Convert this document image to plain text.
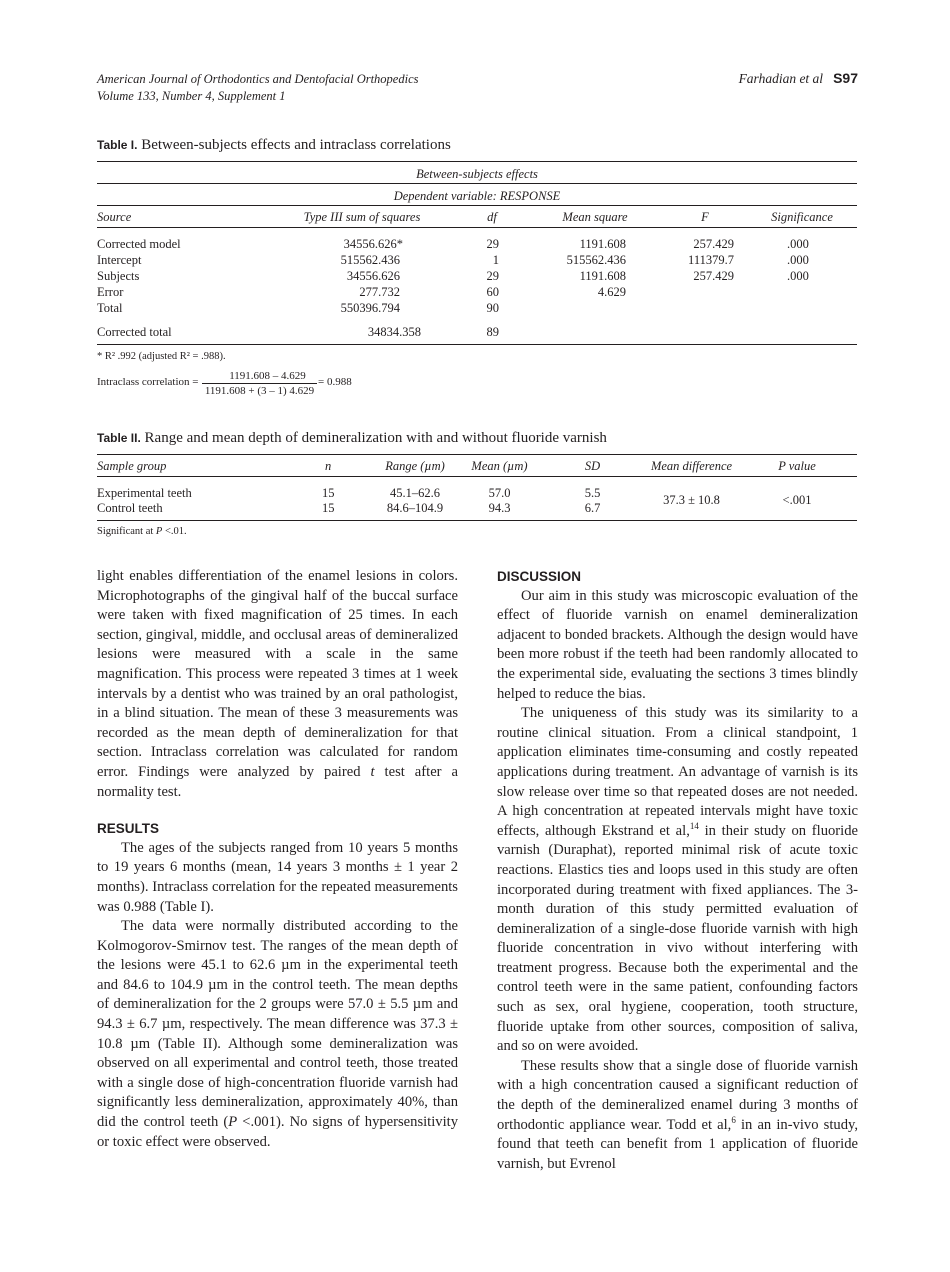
American Journal of Orthodontics and Dentofacial Orthopedics
Volume 133, Number 4, Supplement 1
Farhadian et al S97
Table I. Between-subjects effects and intraclass correlations
Between-subjects effects
Dependent variable: RESPONSE
Source	Type III sum of squares	df	Mean square	F	Significance
Corrected model	34556.626*	29	1191.608	257.429	.000
Intercept	515562.436	1	515562.436	111379.7	.000
Subjects	34556.626	29	1191.608	257.429	.000
Error	277.732	60	4.629
Total	550396.794	90
Corrected total	34834.358	89
* R² .992 (adjusted R² = .988).
Intraclass correlation =	1191.608 – 4.629
1191.608 + (3 – 1) 4.629
= 0.988
Table II. Range and mean depth of demineralization with and without fluoride varnish
Sample group	n	Range (µm)	Mean (µm)	SD	Mean difference	P value
Experimental teeth	15	45.1–62.6	57.0	5.5
Control teeth	15	84.6–104.9	94.3	6.7
37.3 ± 10.8	<.001
Significant at P <.01.

light enables differentiation of the enamel lesions in colors. Microphotographs of the gingival half of the buccal surface were taken with fixed magnification of 25 times. In each section, gingival, middle, and occlusal areas of demineralized lesions were measured with a scale in the same magnification. This process were repeated 3 times at 1 week intervals by a dentist who was trained by an oral pathologist, in a blind situation. The mean of these 3 measurements was recorded as the mean depth of demineralization for that section. Intraclass correlation was calculated for random error. Findings were analyzed by paired t test after a normality test.

RESULTS

The ages of the subjects ranged from 10 years 5 months to 19 years 6 months (mean, 14 years 3 months ± 1 year 2 months). Intraclass correlation for the repeated measurements was 0.988 (Table I).

The data were normally distributed according to the Kolmogorov-Smirnov test. The ranges of the mean depth of the lesions were 45.1 to 62.6 µm in the experimental teeth and 84.6 to 104.9 µm in the control teeth. The mean depths of demineralization for the 2 groups were 57.0 ± 5.5 µm and 94.3 ± 6.7 µm, respectively. The mean difference was 37.3 ± 10.8 µm (Table II). Although some demineralization was observed on all experimental and control teeth, those treated with a single dose of high-concentration fluoride varnish had significantly less demineralization, approximately 40%, than did the control teeth (P <.001). No signs of hypersensitivity or toxic effect were observed.

DISCUSSION

Our aim in this study was microscopic evaluation of the effect of fluoride varnish on enamel demineralization adjacent to bonded brackets. Although the design would have been more robust if the teeth had been randomly allocated to the experimental side, evaluating the sections 3 times blindly helped to reduce the bias.

The uniqueness of this study was its similarity to a routine clinical situation. From a clinical standpoint, 1 application eliminates time-consuming and costly repeated applications during treatment. An advantage of varnish is its slow release over time so that repeated doses are not needed. A high concentration at repeated intervals might have toxic effects, although Ekstrand et al,$^{14}$ in their study on fluoride varnish (Duraphat), reported minimal risk of acute toxic reactions. Elastics ties and loops used in this study are often incorporated during treatment with fixed appliances. The 3-month duration of this study permitted evaluation of demineralization of a single-dose fluoride varnish with high fluoride concentration in vivo without interfering with treatment progress. Because both the experimental and the control teeth were in the same patient, confounding factors such as sex, oral hygiene, cooperation, tooth structure, fluoride uptake from other sources, composition of saliva, and so on were avoided.

These results show that a single dose of fluoride varnish with a high concentration caused a significant reduction of the depth of the demineralized enamel during 3 months of orthodontic appliance wear. Todd et al,$^6$ in an in-vivo study, found that teeth can benefit from 1 application of fluoride varnish, but Evrenol
